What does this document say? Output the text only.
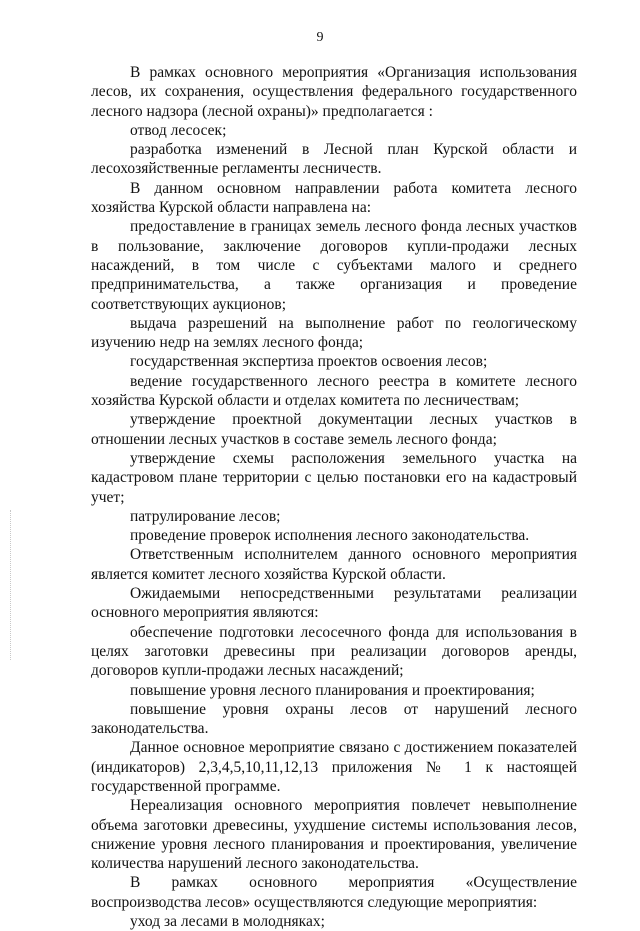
9

В рамках основного мероприятия «Организация использования лесов, их сохранения, осуществления федерального государственного лесного надзора (лесной охраны)» предполагается :

отвод лесосек;

разработка изменений в Лесной план Курской области и лесохозяйственные регламенты лесничеств.

В данном основном направлении работа комитета лесного хозяйства Курской области направлена на:

предоставление в границах земель лесного фонда лесных участков в пользование, заключение договоров купли-продажи лесных насаждений, в том числе с субъектами малого и среднего предпринимательства, а также организация и проведение соответствующих аукционов;

выдача разрешений на выполнение работ по геологическому изучению недр на землях лесного фонда;

государственная экспертиза проектов освоения лесов;

ведение государственного лесного реестра в комитете лесного хозяйства Курской области и отделах комитета по лесничествам;

утверждение проектной документации лесных участков в отношении лесных участков в составе земель лесного фонда;

утверждение схемы расположения земельного участка на кадастровом плане территории с целью постановки его на кадастровый учет;

патрулирование лесов;

проведение проверок исполнения лесного законодательства.

Ответственным исполнителем данного основного мероприятия является комитет лесного хозяйства Курской области.

Ожидаемыми непосредственными результатами реализации основного мероприятия являются:

обеспечение подготовки лесосечного фонда для использования в целях заготовки древесины при реализации договоров аренды, договоров купли-продажи лесных насаждений;

повышение уровня лесного планирования и проектирования;

повышение уровня охраны лесов от нарушений лесного законодательства.

Данное основное мероприятие связано с достижением показателей (индикаторов) 2,3,4,5,10,11,12,13 приложения № 1 к настоящей государственной программе.

Нереализация основного мероприятия повлечет невыполнение объема заготовки древесины, ухудшение системы использования лесов, снижение уровня лесного планирования и проектирования, увеличение количества нарушений лесного законодательства.

В рамках основного мероприятия «Осуществление воспроизводства лесов» осуществляются следующие мероприятия:

уход за лесами в молодняках;
